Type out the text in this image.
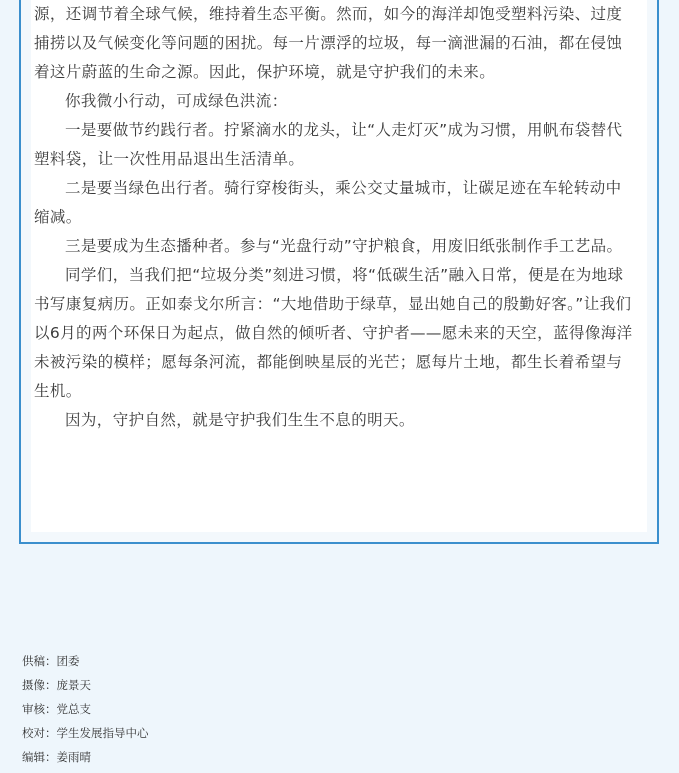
源，还调节着全球气候，维持着生态平衡。然而，如今的海洋却饱受塑料污染、过度捕捞以及气候变化等问题的困扰。每一片漂浮的垃圾，每一滴泄漏的石油，都在侵蚀着这片蔚蓝的生命之源。因此，保护环境，就是守护我们的未来。

你我微小行动，可成绿色洪流：

一是要做节约践行者。拧紧滴水的龙头，让“人走灯灭”成为习惯，用帆布袋替代塑料袋，让一次性用品退出生活清单。

二是要当绿色出行者。骑行穿梭街头，乘公交丈量城市，让碳足迹在车轮转动中缩减。

三是要成为生态播种者。参与“光盘行动”守护粮食，用废旧纸张制作手工艺品。

同学们，当我们把“垃圾分类”刻进习惯，将“低碳生活”融入日常，便是在为地球书写康复病历。正如泰戈尔所言：“大地借助于绿草，显出她自己的殷勤好客。”让我们以6月的两个环保日为起点，做自然的倾听者、守护者——愿未来的天空，蓝得像海洋未被污染的模样；愿每条河流，都能倒映星辰的光芒；愿每片土地，都生长着希望与生机。

因为，守护自然，就是守护我们生生不息的明天。

供稿：团委
摄像：庞景天
审核：党总支
校对：学生发展指导中心
编辑：姜雨晴
